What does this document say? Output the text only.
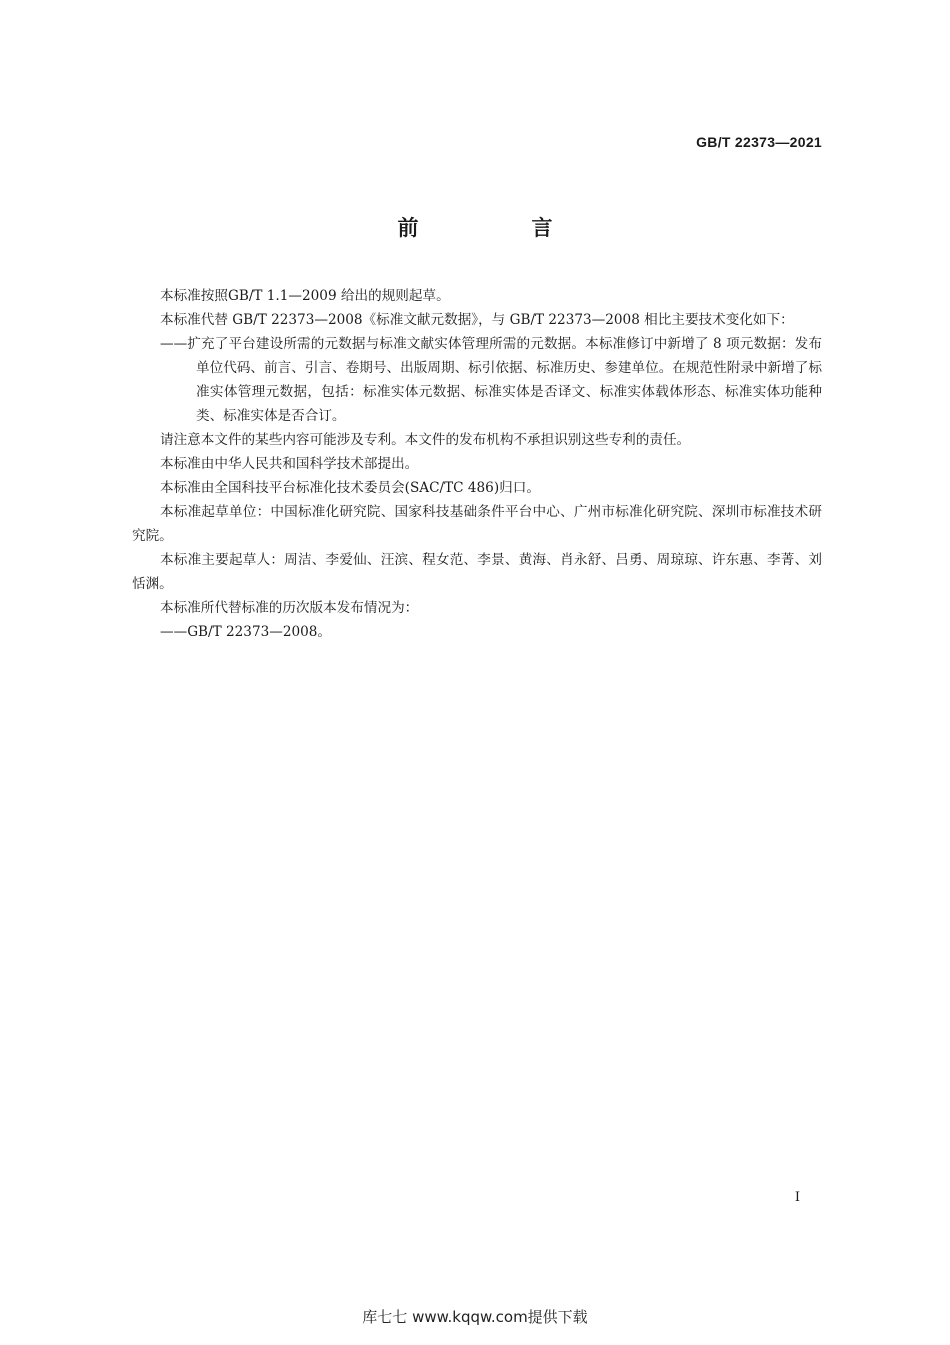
GB/T 22373—2021
前　言

本标准按照GB/T 1.1—2009 给出的规则起草。

本标准代替 GB/T 22373—2008《标准文献元数据》，与 GB/T 22373—2008 相比主要技术变化如下：

——扩充了平台建设所需的元数据与标准文献实体管理所需的元数据。本标准修订中新增了 8 项元数据：发布单位代码、前言、引言、卷期号、出版周期、标引依据、标准历史、参建单位。在规范性附录中新增了标准实体管理元数据，包括：标准实体元数据、标准实体是否译文、标准实体载体形态、标准实体功能种类、标准实体是否合订。

请注意本文件的某些内容可能涉及专利。本文件的发布机构不承担识别这些专利的责任。

本标准由中华人民共和国科学技术部提出。

本标准由全国科技平台标准化技术委员会(SAC/TC 486)归口。

本标准起草单位：中国标准化研究院、国家科技基础条件平台中心、广州市标准化研究院、深圳市标准技术研究院。

本标准主要起草人：周洁、李爱仙、汪滨、程女范、李景、黄海、肖永舒、吕勇、周琼琼、许东惠、李菁、刘恬渊。

本标准所代替标准的历次版本发布情况为：

——GB/T 22373—2008。

I
库七七 www.kqqw.com提供下载
